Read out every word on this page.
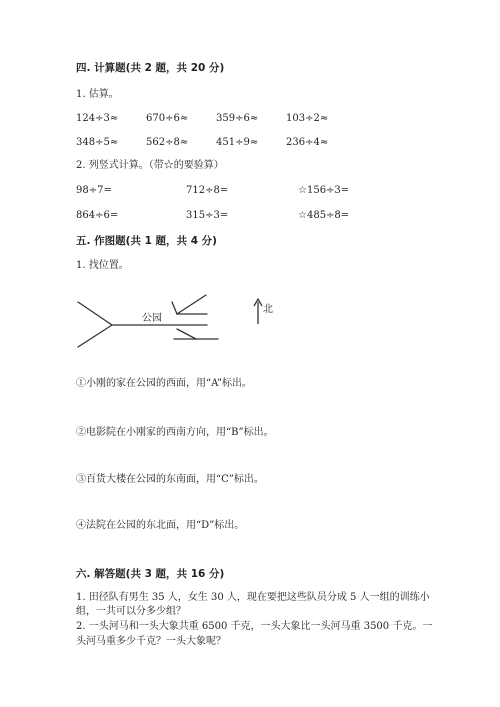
四. 计算题(共 2 题，共 20 分)
1. 估算。
124÷3≈	670÷6≈	359÷6≈	103÷2≈
348÷5≈	562÷8≈	451÷9≈	236÷4≈
2. 列竖式计算。（带☆的要验算）
98÷7=	712÷8=	☆156÷3=
864÷6=	315÷3=	☆485÷8=
五. 作图题(共 1 题，共 4 分)
1. 找位置。
公园
北
①小刚的家在公园的西面，用“A”标出。
②电影院在小刚家的西南方向，用“B”标出。
③百货大楼在公园的东南面，用“C”标出。
④法院在公园的东北面，用“D”标出。
六. 解答题(共 3 题，共 16 分)
1. 田径队有男生 35 人，女生 30 人，现在要把这些队员分成 5 人一组的训练小
组，一共可以分多少组？
2. 一头河马和一头大象共重 6500 千克，一头大象比一头河马重 3500 千克。一
头河马重多少千克？一头大象呢？
